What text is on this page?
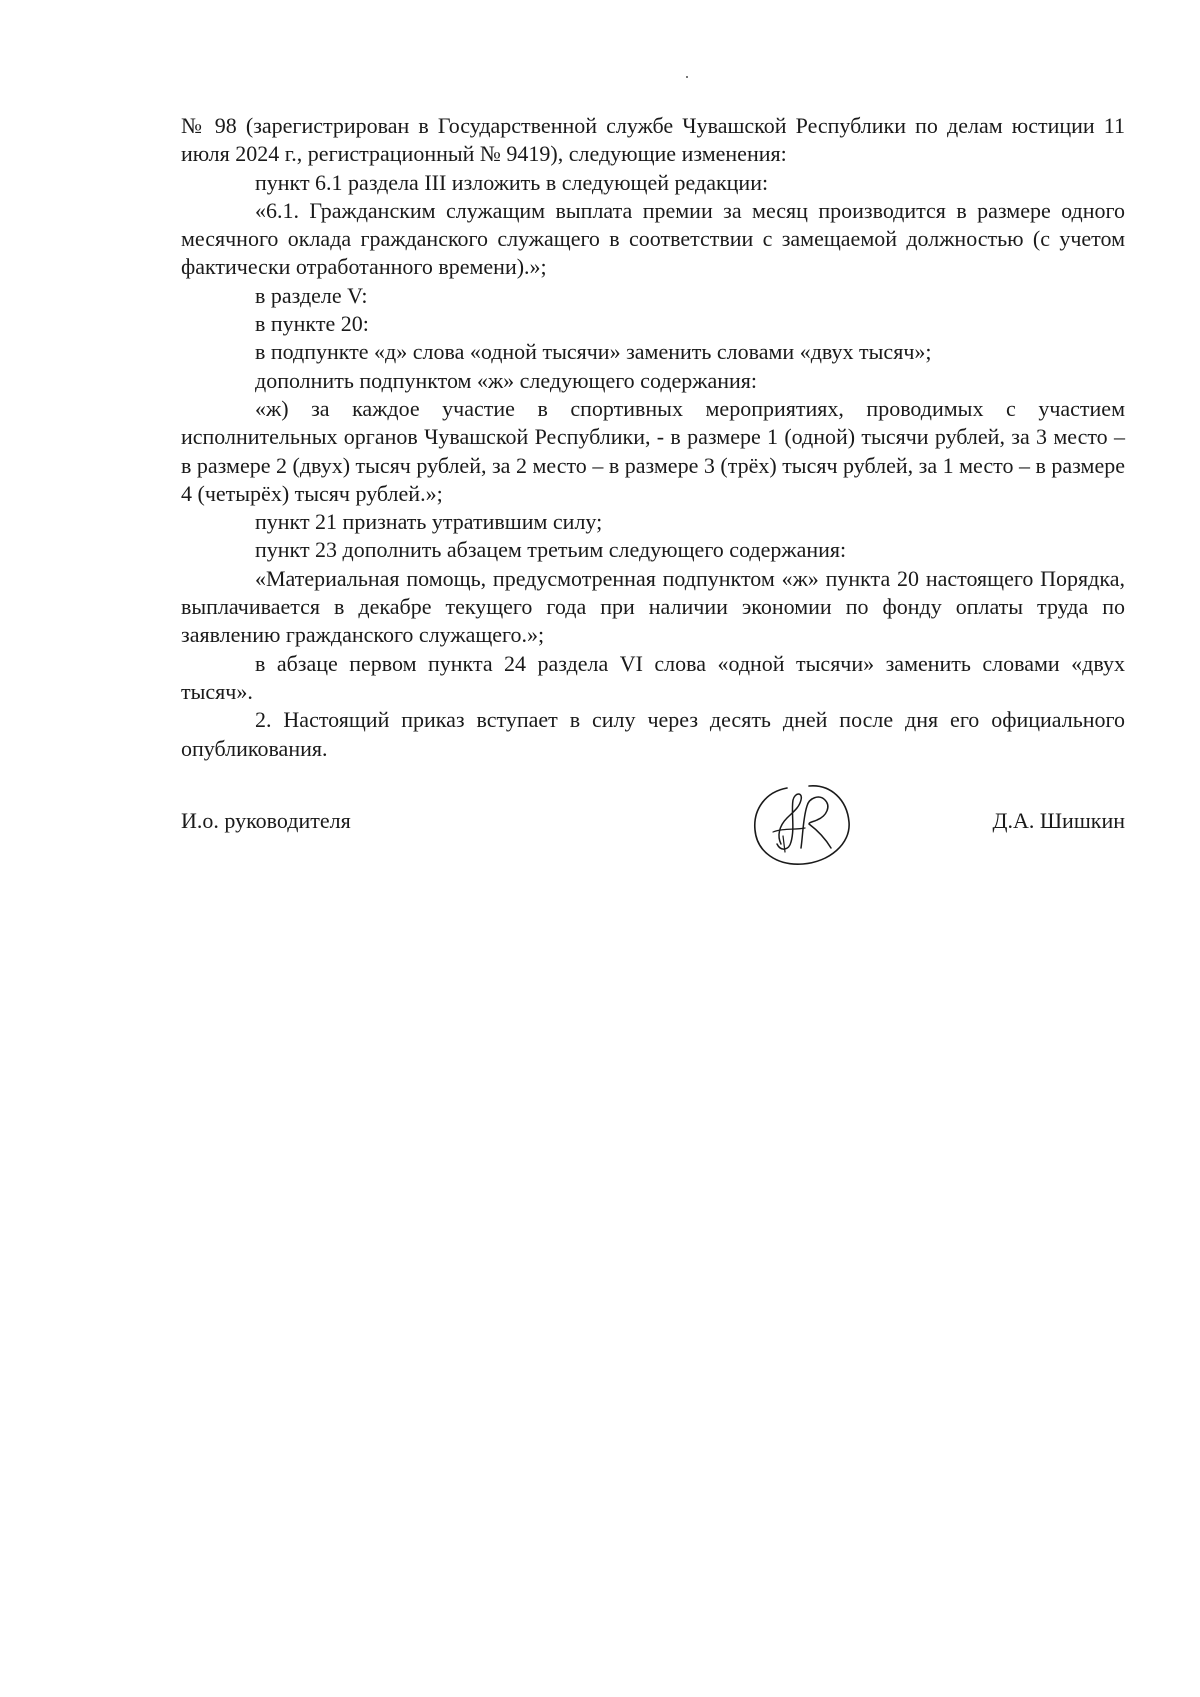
№ 98 (зарегистрирован в Государственной службе Чувашской Республики по делам юстиции 11 июля 2024 г., регистрационный № 9419), следующие изменения:

пункт 6.1 раздела III изложить в следующей редакции:

«6.1. Гражданским служащим выплата премии за месяц производится в размере одного месячного оклада гражданского служащего в соответствии с замещаемой должностью (с учетом фактически отработанного времени).»;

в разделе V:

в пункте 20:

в подпункте «д» слова «одной тысячи» заменить словами «двух тысяч»;

дополнить подпунктом «ж» следующего содержания:

«ж) за каждое участие в спортивных мероприятиях, проводимых с участием исполнительных органов Чувашской Республики, - в размере 1 (одной) тысячи рублей, за 3 место – в размере 2 (двух) тысяч рублей, за 2 место – в размере 3 (трёх) тысяч рублей, за 1 место – в размере 4 (четырёх) тысяч рублей.»;

пункт 21 признать утратившим силу;

пункт 23 дополнить абзацем третьим следующего содержания:

«Материальная помощь, предусмотренная подпунктом «ж» пункта 20 настоящего Порядка, выплачивается в декабре текущего года при наличии экономии по фонду оплаты труда по заявлению гражданского служащего.»;

в абзаце первом пункта 24 раздела VI слова «одной тысячи» заменить словами «двух тысяч».

2. Настоящий приказ вступает в силу через десять дней после дня его официального опубликования.

И.о. руководителя	Д.А. Шишкин
